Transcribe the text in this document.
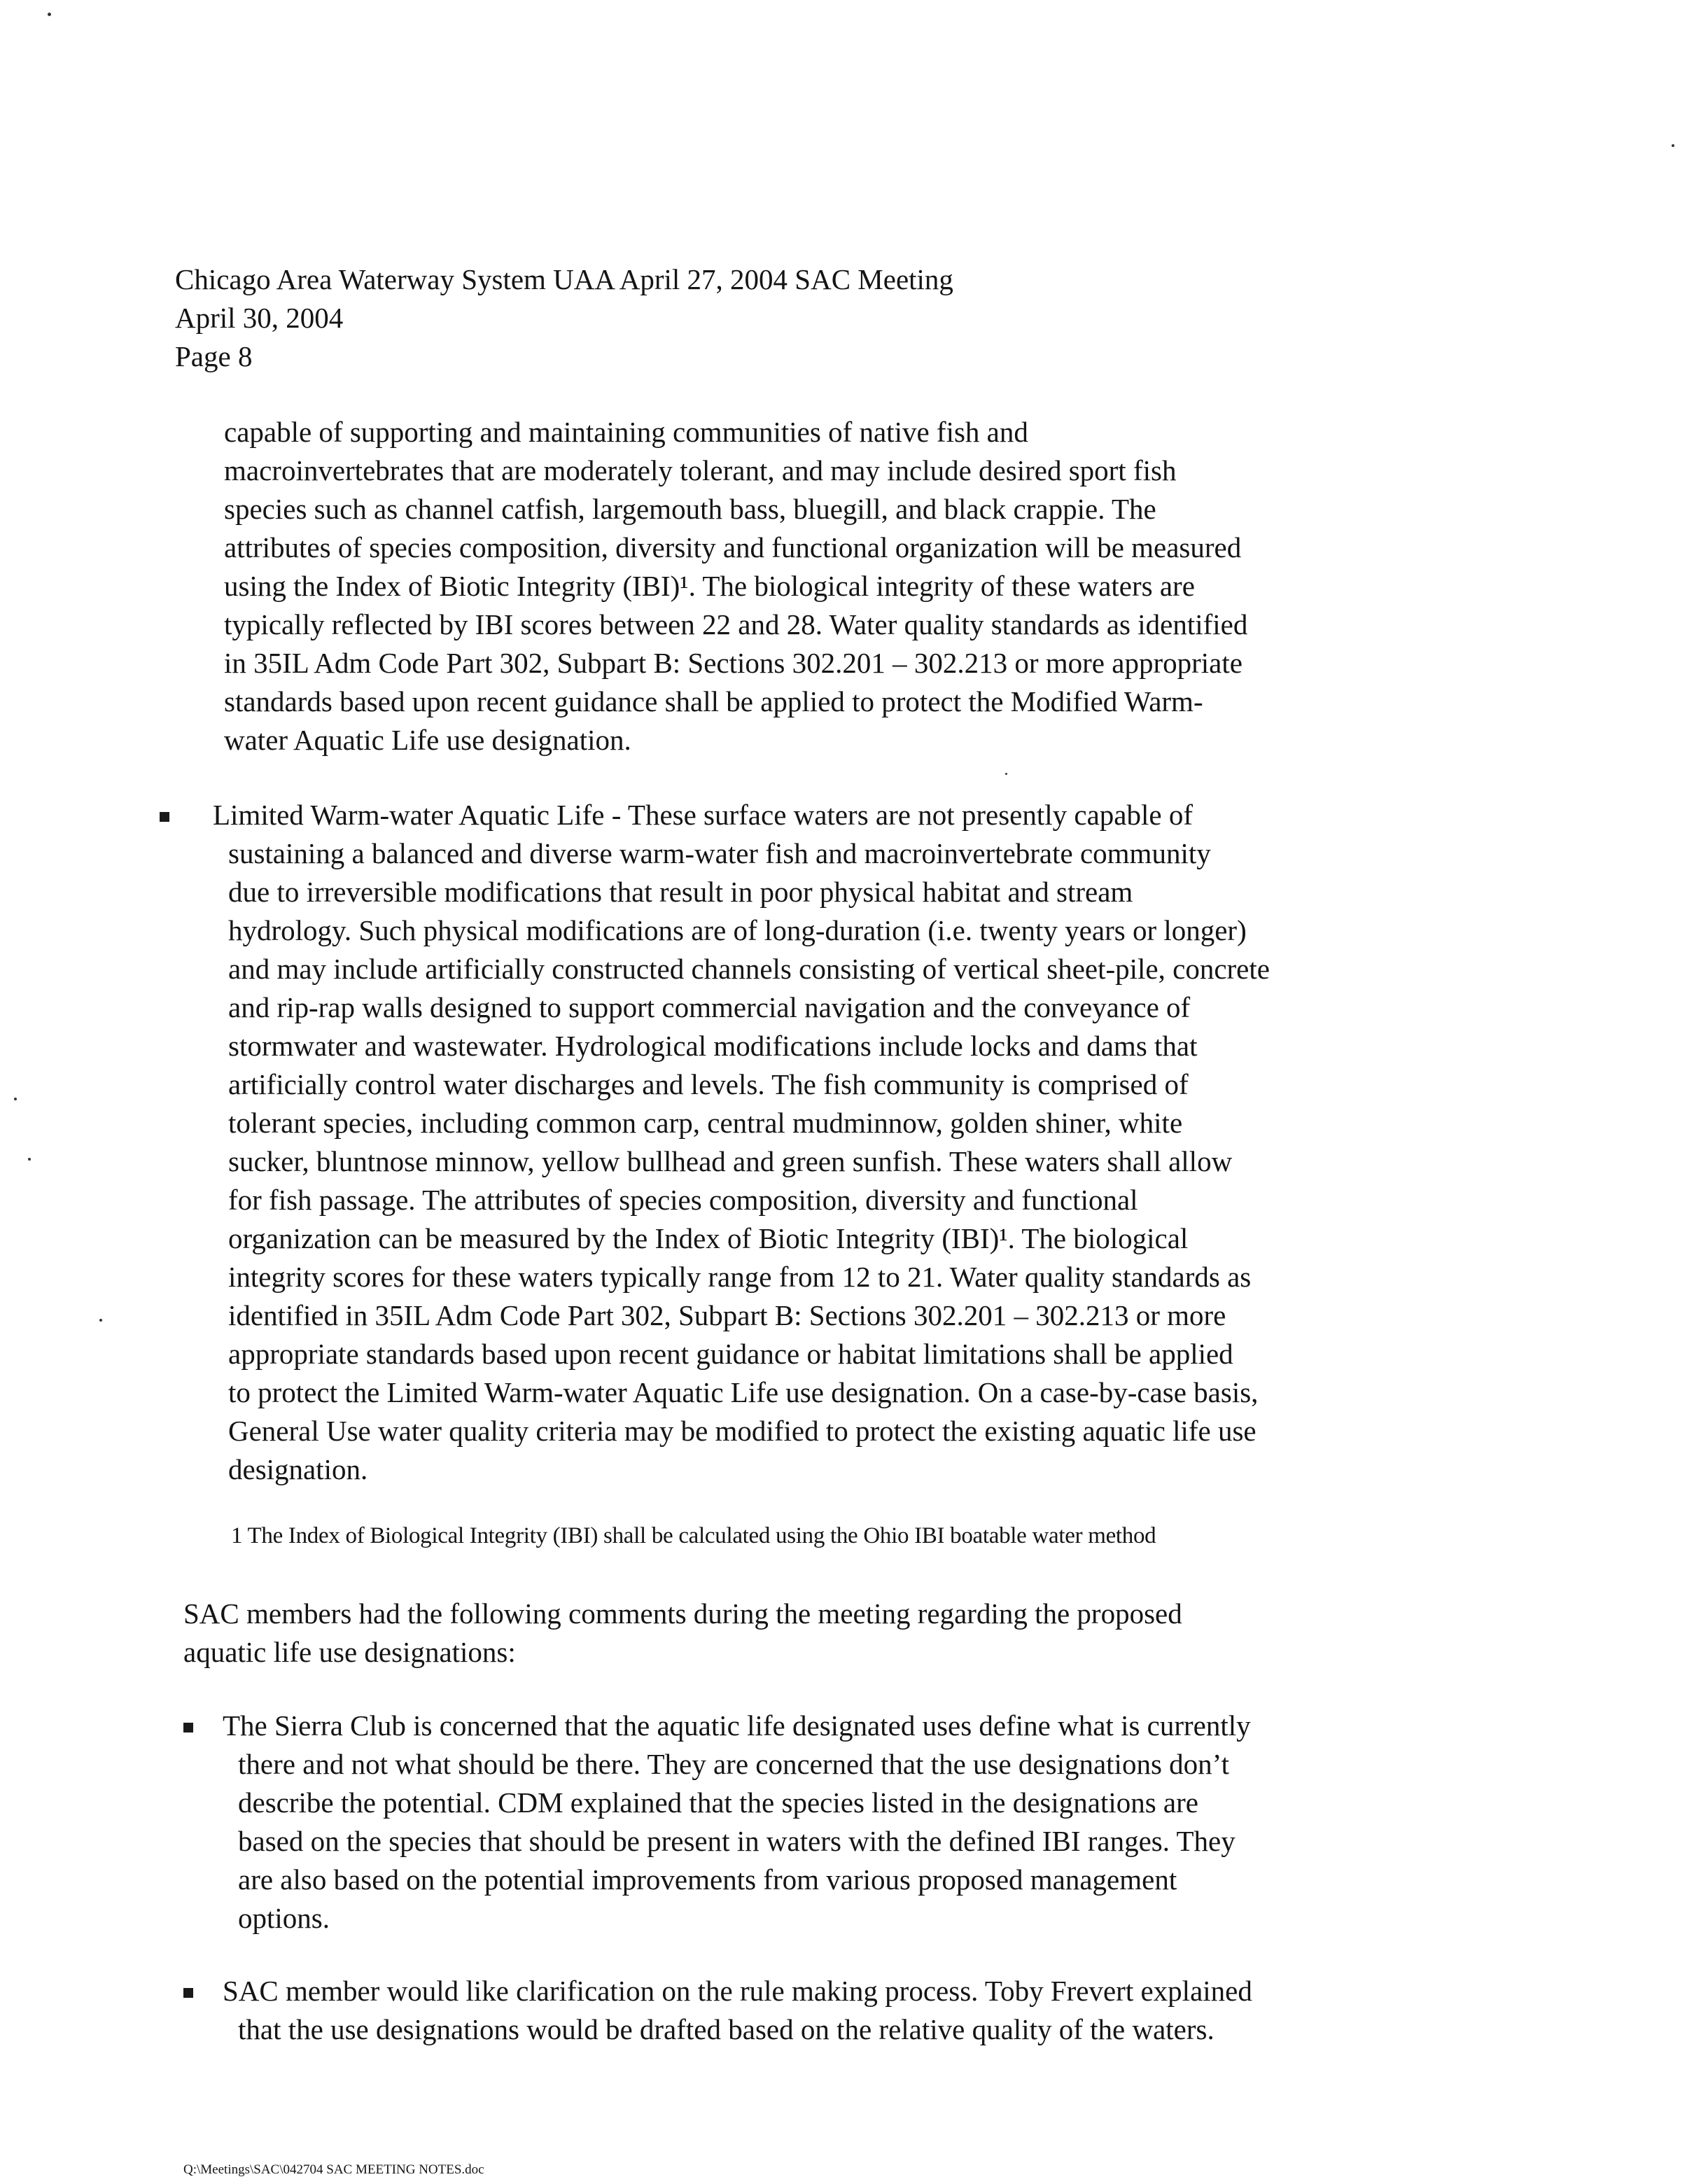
Chicago Area Waterway System UAA April 27, 2004 SAC Meeting
April 30, 2004
Page 8
capable of supporting and maintaining communities of native fish and
macroinvertebrates that are moderately tolerant, and may include desired sport fish
species such as channel catfish, largemouth bass, bluegill, and black crappie. The
attributes of species composition, diversity and functional organization will be measured
using the Index of Biotic Integrity (IBI)¹. The biological integrity of these waters are
typically reflected by IBI scores between 22 and 28. Water quality standards as identified
in 35IL Adm Code Part 302, Subpart B: Sections 302.201 – 302.213 or more appropriate
standards based upon recent guidance shall be applied to protect the Modified Warm-
water Aquatic Life use designation.
Limited Warm-water Aquatic Life - These surface waters are not presently capable of
sustaining a balanced and diverse warm-water fish and macroinvertebrate community
due to irreversible modifications that result in poor physical habitat and stream
hydrology. Such physical modifications are of long-duration (i.e. twenty years or longer)
and may include artificially constructed channels consisting of vertical sheet-pile, concrete
and rip-rap walls designed to support commercial navigation and the conveyance of
stormwater and wastewater. Hydrological modifications include locks and dams that
artificially control water discharges and levels. The fish community is comprised of
tolerant species, including common carp, central mudminnow, golden shiner, white
sucker, bluntnose minnow, yellow bullhead and green sunfish. These waters shall allow
for fish passage. The attributes of species composition, diversity and functional
organization can be measured by the Index of Biotic Integrity (IBI)¹. The biological
integrity scores for these waters typically range from 12 to 21. Water quality standards as
identified in 35IL Adm Code Part 302, Subpart B: Sections 302.201 – 302.213 or more
appropriate standards based upon recent guidance or habitat limitations shall be applied
to protect the Limited Warm-water Aquatic Life use designation. On a case-by-case basis,
General Use water quality criteria may be modified to protect the existing aquatic life use
designation.
1 The Index of Biological Integrity (IBI) shall be calculated using the Ohio IBI boatable water method
SAC members had the following comments during the meeting regarding the proposed
aquatic life use designations:
The Sierra Club is concerned that the aquatic life designated uses define what is currently
there and not what should be there. They are concerned that the use designations don’t
describe the potential. CDM explained that the species listed in the designations are
based on the species that should be present in waters with the defined IBI ranges. They
are also based on the potential improvements from various proposed management
options.
SAC member would like clarification on the rule making process. Toby Frevert explained
that the use designations would be drafted based on the relative quality of the waters.
Q:\Meetings\SAC\042704 SAC MEETING NOTES.doc
